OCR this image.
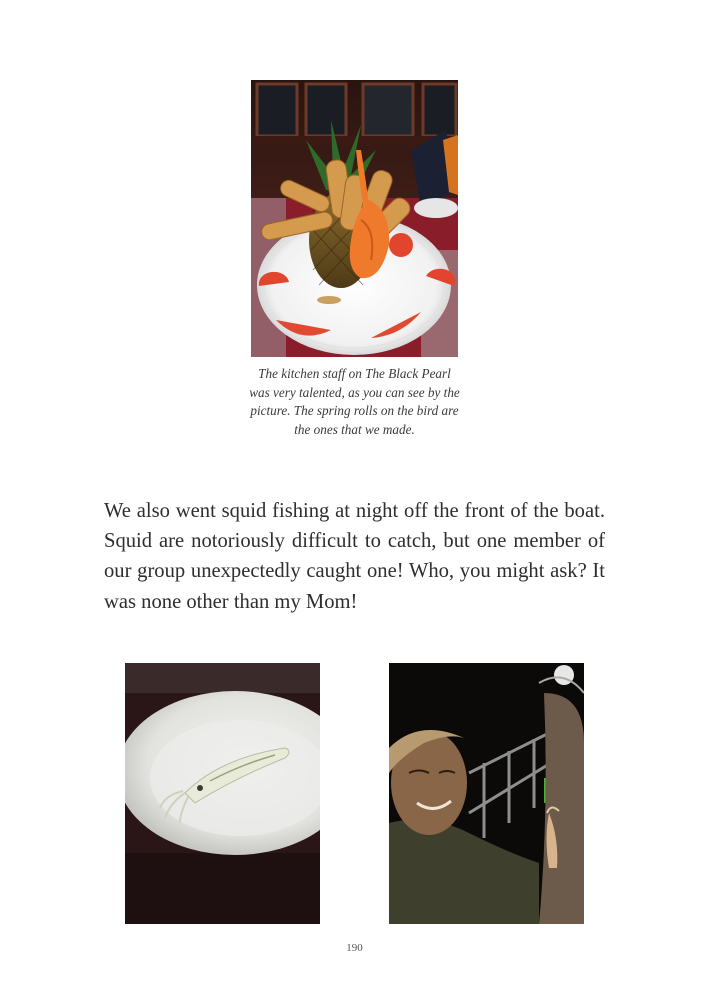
The kitchen staff on The Black Pearl was very talented, as you can see by the picture. The spring rolls on the bird are the ones that we made.

We also went squid fishing at night off the front of the boat. Squid are notoriously difficult to catch, but one member of our group unexpectedly caught one! Who, you might ask? It was none other than my Mom!

190
